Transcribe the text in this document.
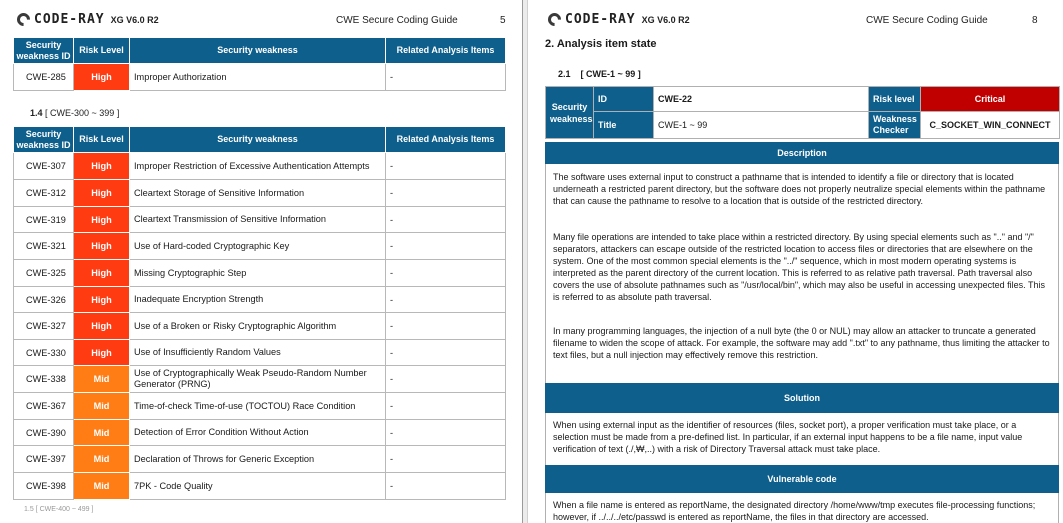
CODE-RAY XG V6.0 R2	CWE Secure Coding Guide	5
Security weakness ID	Risk Level	Security weakness	Related Analysis Items
CWE-285	High	Improper Authorization	-
1.4 [ CWE-300 ~ 399 ]
Security weakness ID	Risk Level	Security weakness	Related Analysis Items
CWE-307	High	Improper Restriction of Excessive Authentication Attempts	-
CWE-312	High	Cleartext Storage of Sensitive Information	-
CWE-319	High	Cleartext Transmission of Sensitive Information	-
CWE-321	High	Use of Hard-coded Cryptographic Key	-
CWE-325	High	Missing Cryptographic Step	-
CWE-326	High	Inadequate Encryption Strength	-
CWE-327	High	Use of a Broken or Risky Cryptographic Algorithm	-
CWE-330	High	Use of Insufficiently Random Values	-
CWE-338	Mid	Use of Cryptographically Weak Pseudo-Random Number Generator (PRNG)	-
CWE-367	Mid	Time-of-check Time-of-use (TOCTOU) Race Condition	-
CWE-390	Mid	Detection of Error Condition Without Action	-
CWE-397	Mid	Declaration of Throws for Generic Exception	-
CWE-398	Mid	7PK - Code Quality	-
1.5 [ CWE-400 ~ 499 ]
CODE-RAY XG V6.0 R2	CWE Secure Coding Guide	8
2. Analysis item state
2.1 [ CWE-1 ~ 99 ]
Security weakness	ID	CWE-22	Risk level	Critical
	Title	CWE-1 ~ 99	Weakness Checker	C_SOCKET_WIN_CONNECT
Description
The software uses external input to construct a pathname that is intended to identify a file or directory that is located underneath a restricted parent directory, but the software does not properly neutralize special elements within the pathname that can cause the pathname to resolve to a location that is outside of the restricted directory.
Many file operations are intended to take place within a restricted directory. By using special elements such as ".." and "/" separators, attackers can escape outside of the restricted location to access files or directories that are elsewhere on the system. One of the most common special elements is the "../" sequence, which in most modern operating systems is interpreted as the parent directory of the current location. This is referred to as relative path traversal. Path traversal also covers the use of absolute pathnames such as "/usr/local/bin", which may also be useful in accessing unexpected files. This is referred to as absolute path traversal.
In many programming languages, the injection of a null byte (the 0 or NUL) may allow an attacker to truncate a generated filename to widen the scope of attack. For example, the software may add ".txt" to any pathname, thus limiting the attacker to text files, but a null injection may effectively remove this restriction.
Solution
When using external input as the identifier of resources (files, socket port), a proper verification must take place, or a selection must be made from a pre-defined list. In particular, if an external input happens to be a file name, input value verification of text (./,₩,..) with a risk of Directory Traversal attack must take place.
Vulnerable code
When a file name is entered as reportName, the designated directory /home/www/tmp executes file-processing functions; however, if ../../../etc/passwd is entered as reportName, the files in that directory are accessed.
